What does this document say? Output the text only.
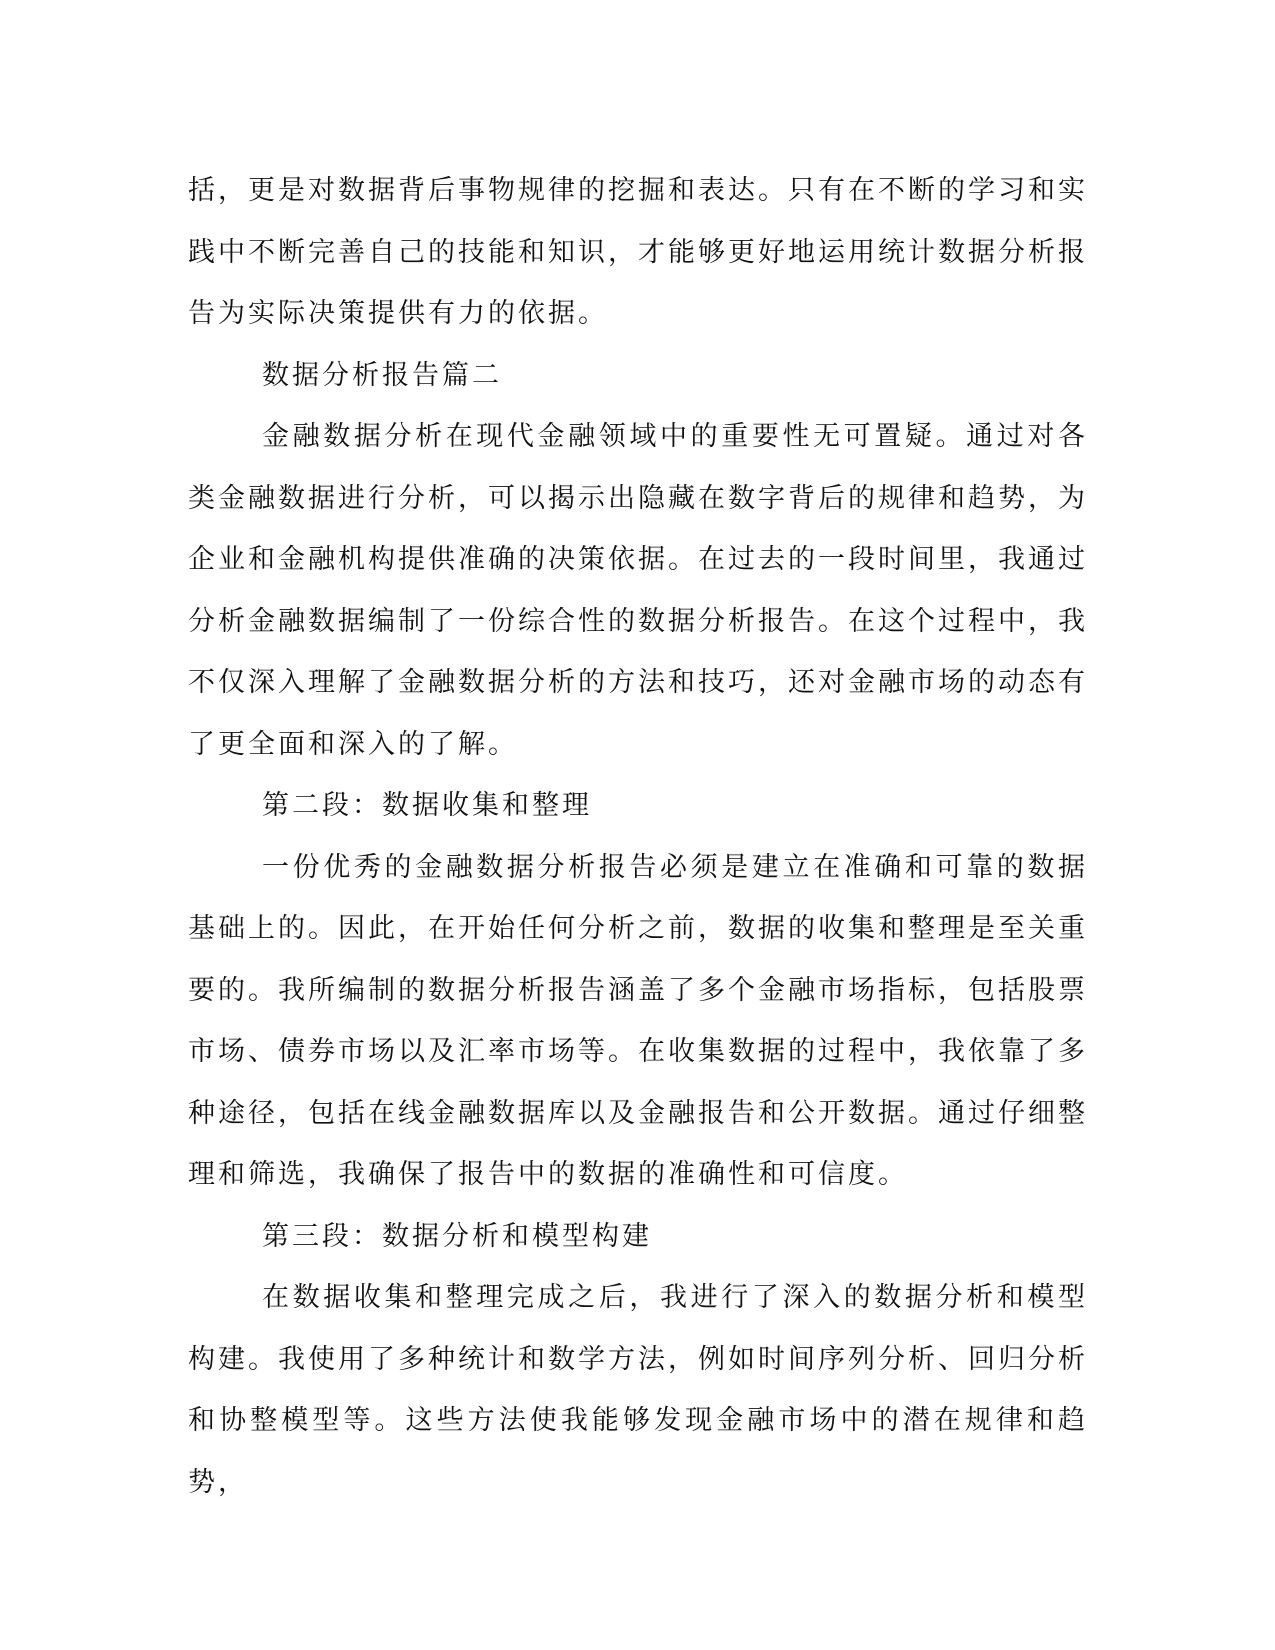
括，更是对数据背后事物规律的挖掘和表达。只有在不断的学习和实践中不断完善自己的技能和知识，才能够更好地运用统计数据分析报告为实际决策提供有力的依据。

数据分析报告篇二

金融数据分析在现代金融领域中的重要性无可置疑。通过对各类金融数据进行分析，可以揭示出隐藏在数字背后的规律和趋势，为企业和金融机构提供准确的决策依据。在过去的一段时间里，我通过分析金融数据编制了一份综合性的数据分析报告。在这个过程中，我不仅深入理解了金融数据分析的方法和技巧，还对金融市场的动态有了更全面和深入的了解。

第二段：数据收集和整理

一份优秀的金融数据分析报告必须是建立在准确和可靠的数据基础上的。因此，在开始任何分析之前，数据的收集和整理是至关重要的。我所编制的数据分析报告涵盖了多个金融市场指标，包括股票市场、债券市场以及汇率市场等。在收集数据的过程中，我依靠了多种途径，包括在线金融数据库以及金融报告和公开数据。通过仔细整理和筛选，我确保了报告中的数据的准确性和可信度。

第三段：数据分析和模型构建

在数据收集和整理完成之后，我进行了深入的数据分析和模型构建。我使用了多种统计和数学方法，例如时间序列分析、回归分析和协整模型等。这些方法使我能够发现金融市场中的潜在规律和趋势，
